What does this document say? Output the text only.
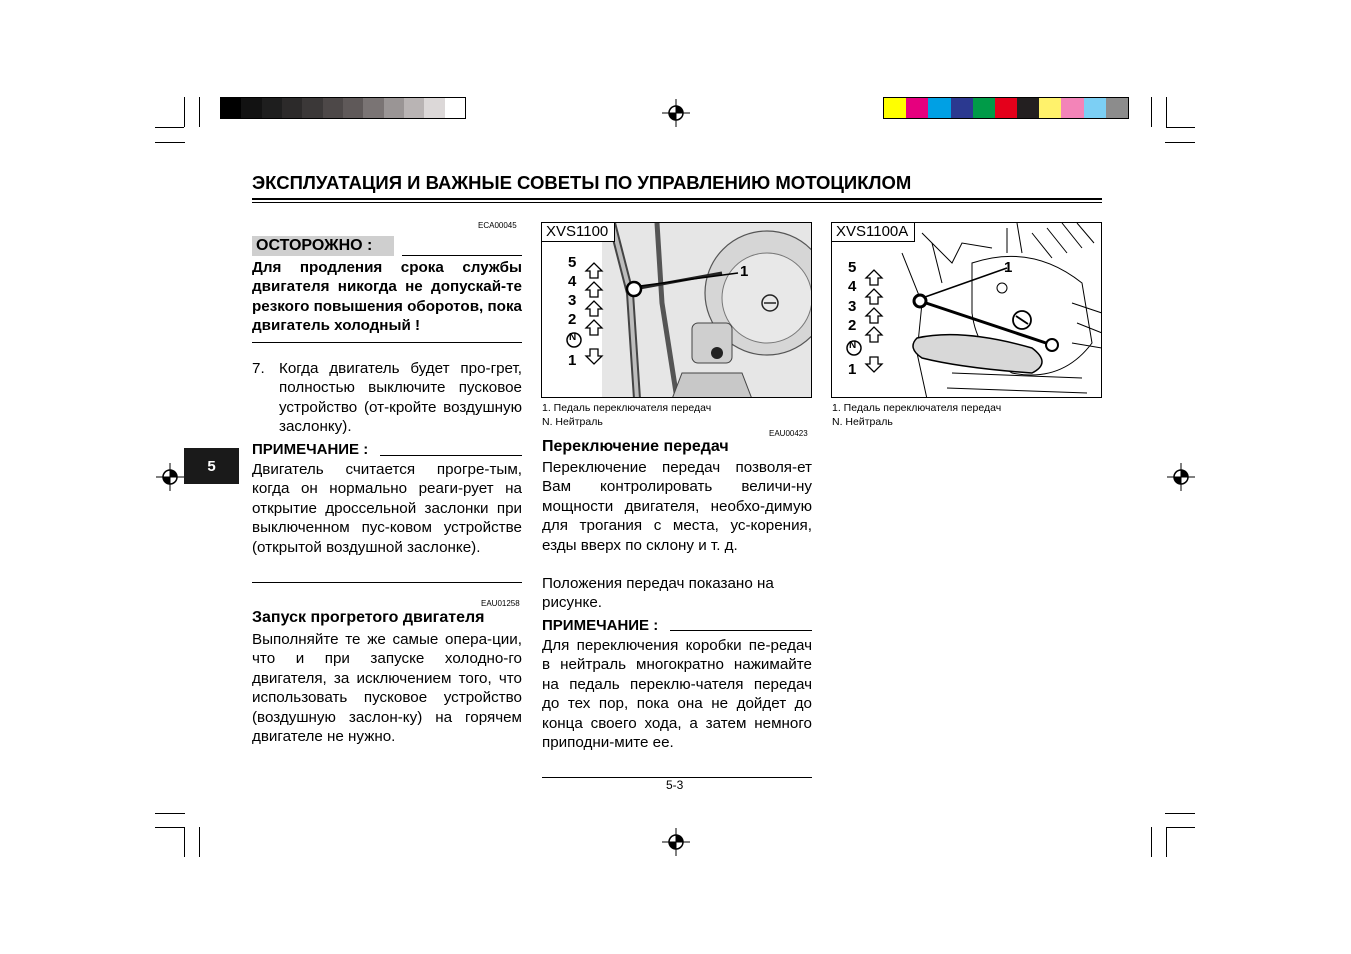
ЭКСПЛУАТАЦИЯ И ВАЖНЫЕ СОВЕТЫ ПО УПРАВЛЕНИЮ МОТОЦИКЛОМ
5
ECA00045
ОСТОРОЖНО :
Для продления срока службы двигателя никогда не допускай-те резкого повышения оборотов, пока двигатель холодный !
7. Когда двигатель будет про-грет, полностью выключите пусковое устройство (от-кройте воздушную заслонку).
ПРИМЕЧАНИЕ :
Двигатель считается прогре-тым, когда он нормально реаги-рует на открытие дроссельной заслонки при выключенном пус-ковом устройстве (открытой воздушной заслонке).
EAU01258
Запуск прогретого двигателя
Выполняйте те же самые опера-ции, что и при запуске холодно-го двигателя, за исключением того, что использовать пусковое устройство (воздушную заслон-ку) на горячем двигателе не нужно.
XVS1100
5
4
3
2
N
1
1
1. Педаль переключателя передач
N. Нейтраль
EAU00423
Переключение передач
Переключение передач позволя-ет Вам контролировать величи-ну мощности двигателя, необхо-димую для трогания с места, ус-корения, езды вверх по склону и т. д.
Положения передач показано на рисунке.
ПРИМЕЧАНИЕ :
Для переключения коробки пе-редач в нейтраль многократно нажимайте на педаль переклю-чателя передач до тех пор, пока она не дойдет до конца своего хода, а затем немного приподни-мите ее.
5-3
XVS1100A
5
4
3
2
N
1
1
1. Педаль переключателя передач
N. Нейтраль
